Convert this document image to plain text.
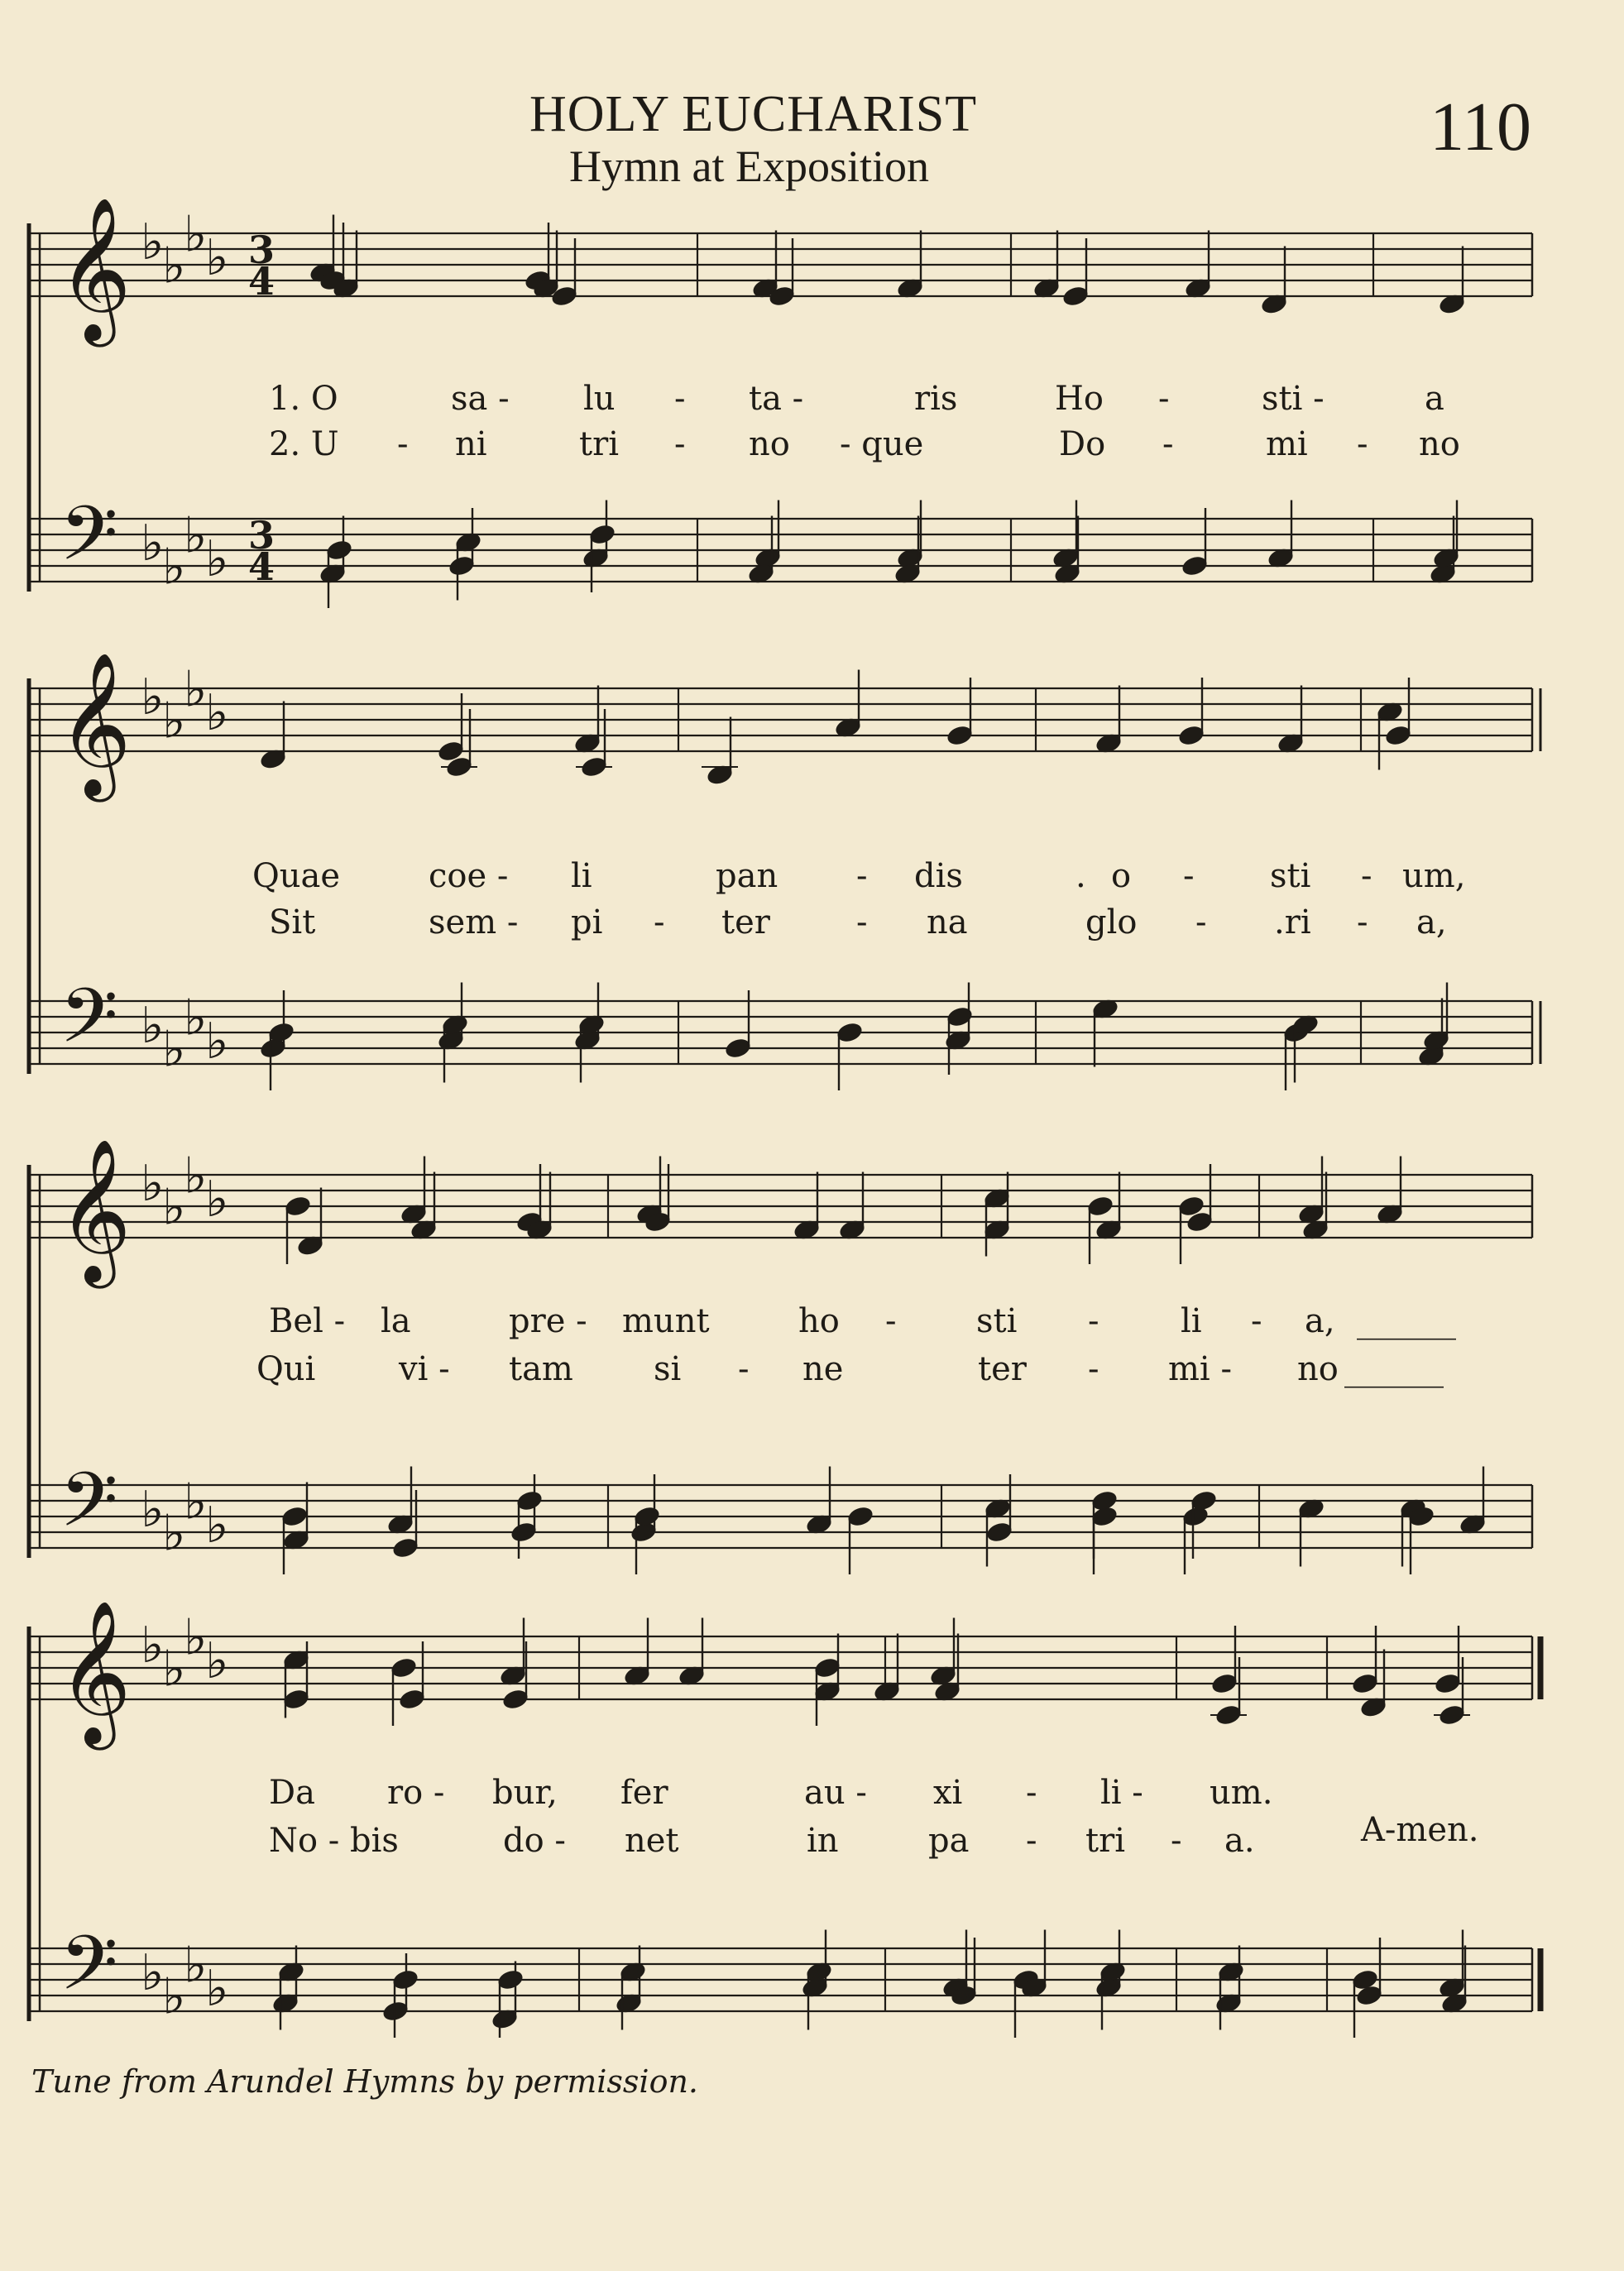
HOLY EUCHARIST
Hymn at Exposition
110
𝄞
𝄢
♭
♭
♭
♭
♭
♭
♭
♭
3
4
3
4
1. O	sa - lu - ta -	ris	Ho -	sti -	a
2. U - ni	tri - no - que	Do -	mi - no
𝄞
𝄢
♭
♭
♭
♭
♭
♭
♭
♭
Quae	coe - li	pan - dis	. o - sti - um,
Sit	sem - pi - ter	- na	glo - .ri - a,
𝄞
𝄢
♭
♭
♭
♭
♭
♭
♭
♭
Bel - la	pre - munt	ho - sti - li - a, ______
Qui	vi - tam si - ne	ter - mi - no ______
𝄞
𝄢
♭
♭
♭
♭
♭
♭
♭
♭
Da ro - bur, fer	au - xi - li - um.
No - bis	do - net	in	pa - tri - a.	A-men.
Tune from Arundel Hymns by permission.
